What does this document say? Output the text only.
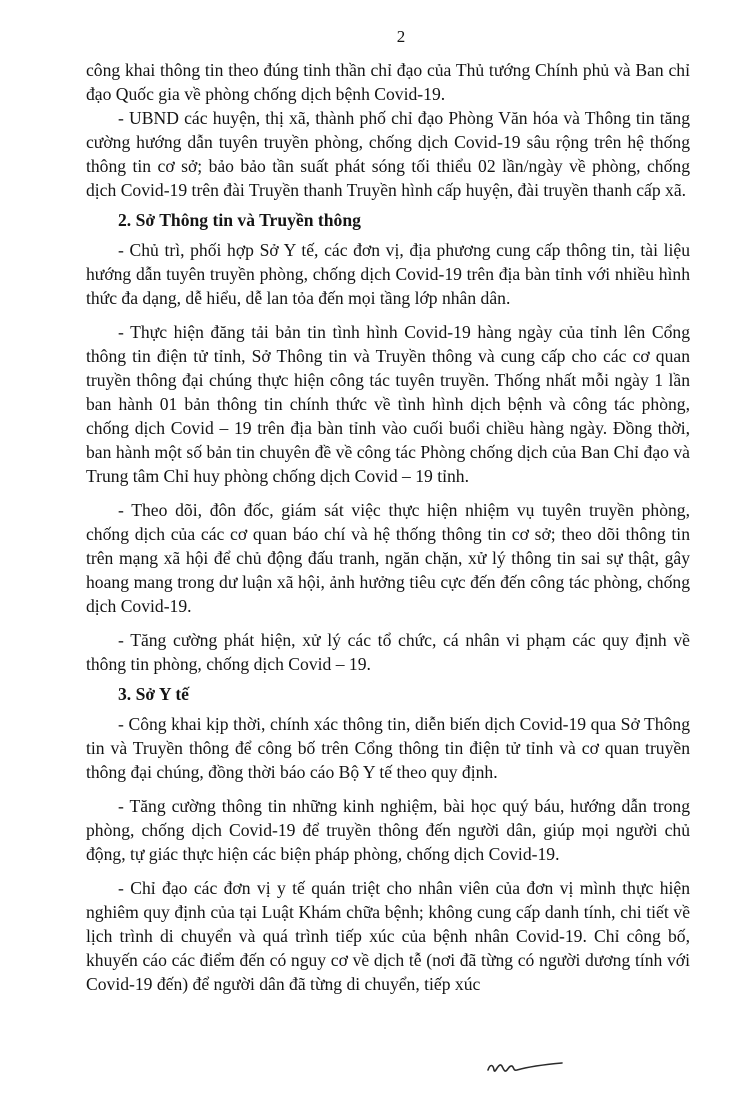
2

công khai thông tin theo đúng tinh thần chỉ đạo của Thủ tướng Chính phủ và Ban chỉ đạo Quốc gia về phòng chống dịch bệnh Covid-19.

- UBND các huyện, thị xã, thành phố chỉ đạo Phòng Văn hóa và Thông tin tăng cường hướng dẫn tuyên truyền phòng, chống dịch Covid-19 sâu rộng trên hệ thống thông tin cơ sở; bảo bảo tần suất phát sóng tối thiểu 02 lần/ngày về phòng, chống dịch Covid-19 trên đài Truyền thanh Truyền hình cấp huyện, đài truyền thanh cấp xã.

2. Sở Thông tin và Truyền thông

- Chủ trì, phối hợp Sở Y tế, các đơn vị, địa phương cung cấp thông tin, tài liệu hướng dẫn tuyên truyền phòng, chống dịch Covid-19 trên địa bàn tỉnh với nhiều hình thức đa dạng, dễ hiểu, dễ lan tỏa đến mọi tầng lớp nhân dân.

- Thực hiện đăng tải bản tin tình hình Covid-19 hàng ngày của tỉnh lên Cổng thông tin điện tử tỉnh, Sở Thông tin và Truyền thông và cung cấp cho các cơ quan truyền thông đại chúng thực hiện công tác tuyên truyền. Thống nhất mỗi ngày 1 lần ban hành 01 bản thông tin chính thức về tình hình dịch bệnh và công tác phòng, chống dịch Covid – 19 trên địa bàn tỉnh vào cuối buổi chiều hàng ngày. Đồng thời, ban hành một số bản tin chuyên đề về công tác Phòng chống dịch của Ban Chỉ đạo và Trung tâm Chỉ huy phòng chống dịch Covid – 19 tỉnh.

- Theo dõi, đôn đốc, giám sát việc thực hiện nhiệm vụ tuyên truyền phòng, chống dịch của các cơ quan báo chí và hệ thống thông tin cơ sở; theo dõi thông tin trên mạng xã hội để chủ động đấu tranh, ngăn chặn, xử lý thông tin sai sự thật, gây hoang mang trong dư luận xã hội, ảnh hưởng tiêu cực đến đến công tác phòng, chống dịch Covid-19.

- Tăng cường phát hiện, xử lý các tổ chức, cá nhân vi phạm các quy định về thông tin phòng, chống dịch Covid – 19.

3. Sở Y tế

- Công khai kịp thời, chính xác thông tin, diễn biến dịch Covid-19 qua Sở Thông tin và Truyền thông để công bố trên Cổng thông tin điện tử tỉnh và cơ quan truyền thông đại chúng, đồng thời báo cáo Bộ Y tế theo quy định.

- Tăng cường thông tin những kinh nghiệm, bài học quý báu, hướng dẫn trong phòng, chống dịch Covid-19 để truyền thông đến người dân, giúp mọi người chủ động, tự giác thực hiện các biện pháp phòng, chống dịch Covid-19.

- Chỉ đạo các đơn vị y tế quán triệt cho nhân viên của đơn vị mình thực hiện nghiêm quy định của tại Luật Khám chữa bệnh; không cung cấp danh tính, chi tiết về lịch trình di chuyển và quá trình tiếp xúc của bệnh nhân Covid-19. Chỉ công bố, khuyến cáo các điểm đến có nguy cơ về dịch tễ (nơi đã từng có người dương tính với Covid-19 đến) để người dân đã từng di chuyển, tiếp xúc
